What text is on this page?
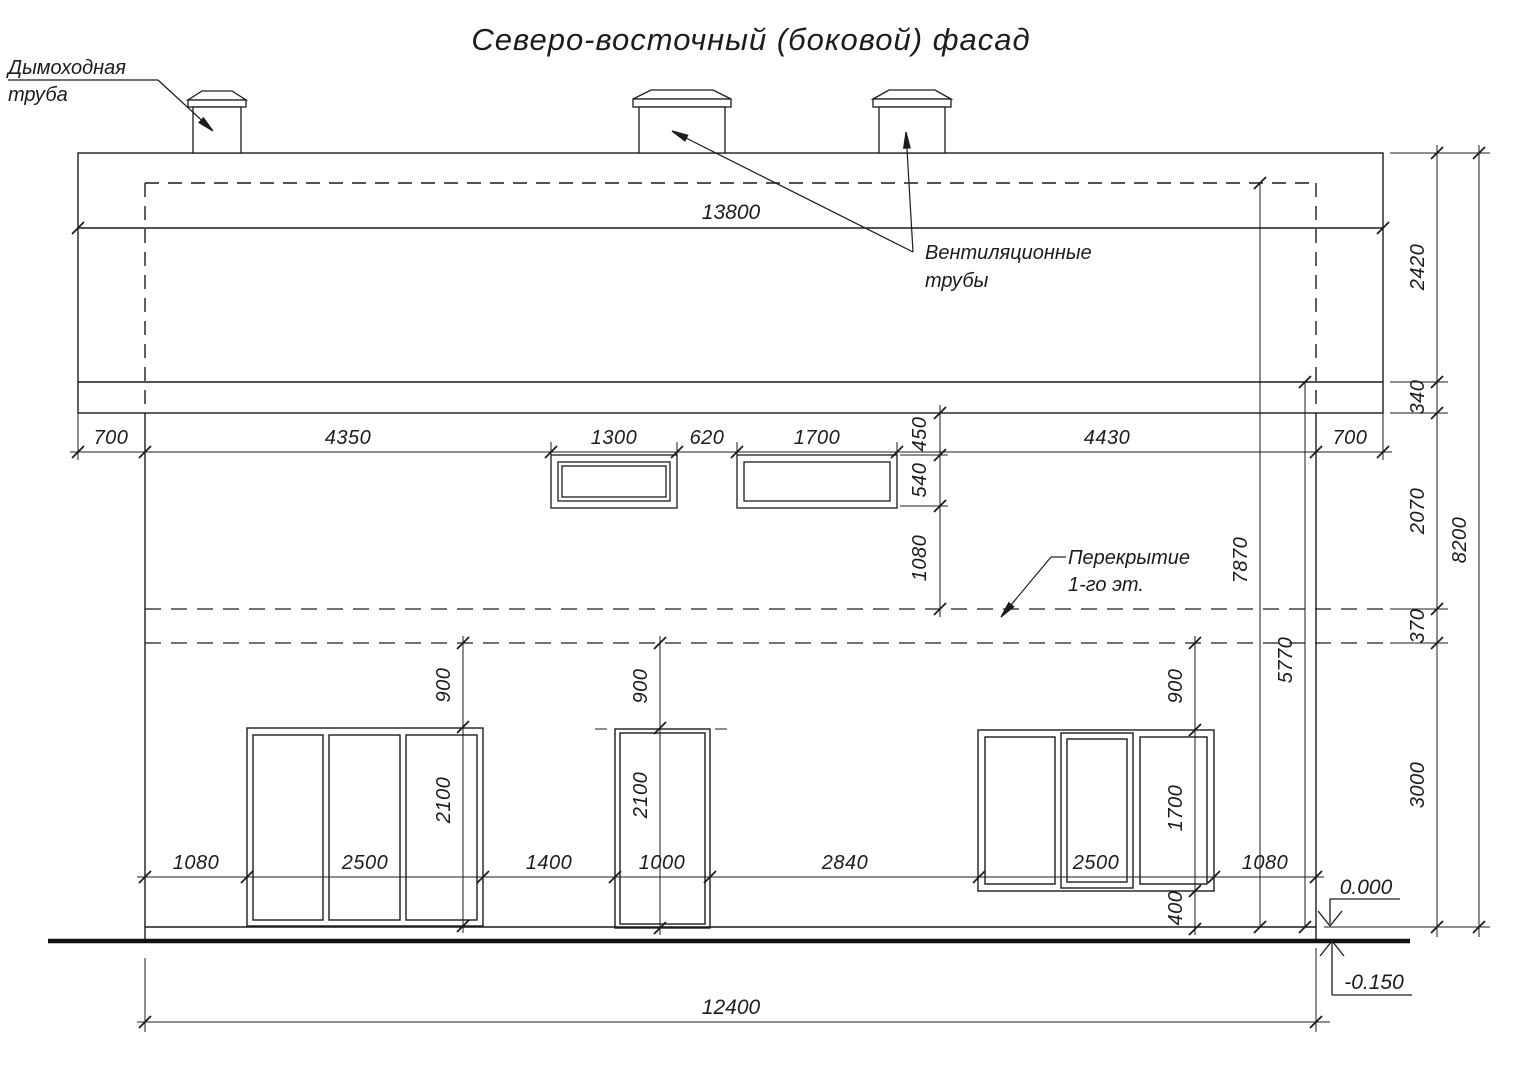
Северо-восточный (боковой) фасад
13800
700	4350	1300	620	1700	4430	700
450
540
1080	7870
5770
2420
340
2070
370
3000
8200
900
2100
900
2100
900
1700
400
1080	2500	1400	1000	2840	2500	1080
12400
0.000
-0.150
Дымоходная
труба
Вентиляционные
трубы
Перекрытие
1-го эт.
